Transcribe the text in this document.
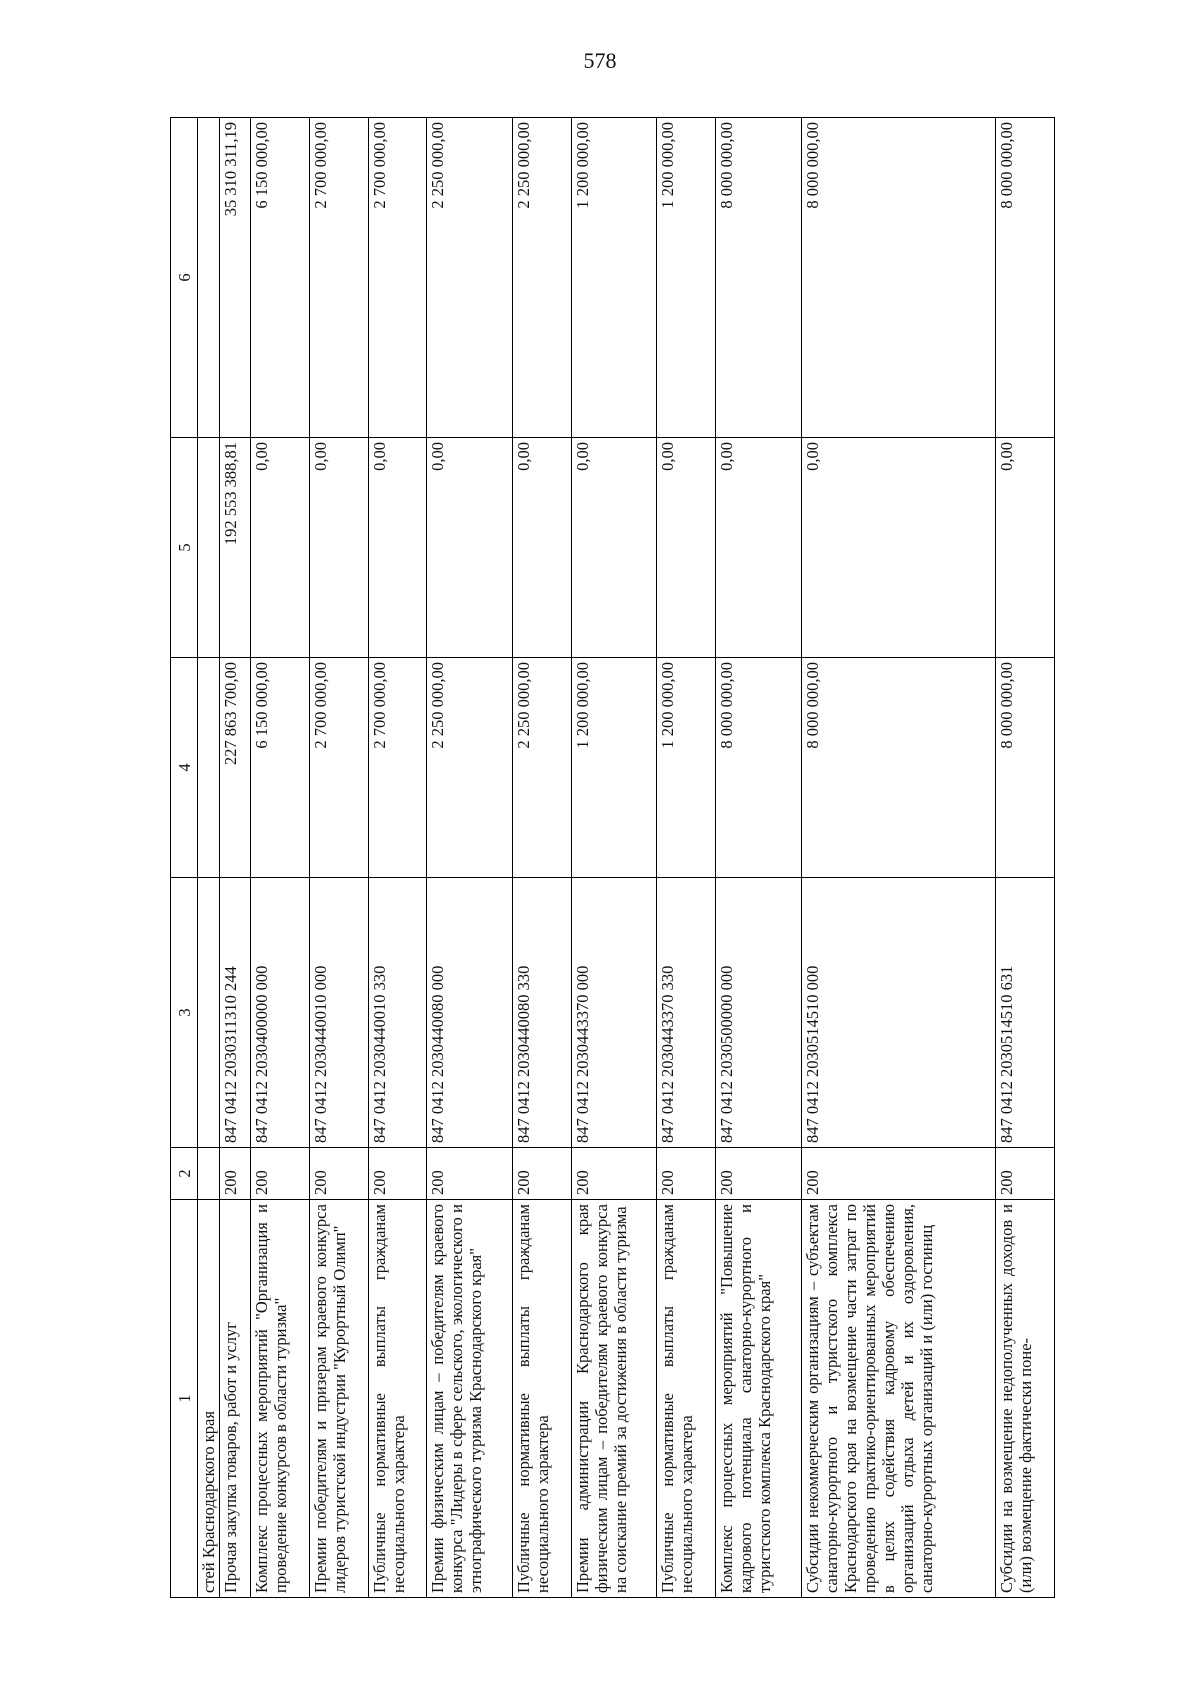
578
1	2	3	4	5	6
стей Краснодарского края					
Прочая закупка товаров, работ и услуг	200	847 0412 2030311310 244	227 863 700,00	192 553 388,81	35 310 311,19
Комплекс процессных мероприятий "Организация и проведение конкурсов в области туризма"	200	847 0412 2030400000 000	6 150 000,00	0,00	6 150 000,00
Премии победителям и призерам краевого конкурса лидеров туристской индустрии "Курортный Олимп"	200	847 0412 2030440010 000	2 700 000,00	0,00	2 700 000,00
Публичные нормативные выплаты гражданам несоциального характера	200	847 0412 2030440010 330	2 700 000,00	0,00	2 700 000,00
Премии физическим лицам – победителям краевого конкурса "Лидеры в сфере сельского, экологического и этнографического туризма Краснодарского края"	200	847 0412 2030440080 000	2 250 000,00	0,00	2 250 000,00
Публичные нормативные выплаты гражданам несоциального характера	200	847 0412 2030440080 330	2 250 000,00	0,00	2 250 000,00
Премии администрации Краснодарского края физическим лицам – победителям краевого конкурса на соискание премий за достижения в области туризма	200	847 0412 2030443370 000	1 200 000,00	0,00	1 200 000,00
Публичные нормативные выплаты гражданам несоциального характера	200	847 0412 2030443370 330	1 200 000,00	0,00	1 200 000,00
Комплекс процессных мероприятий "Повышение кадрового потенциала санаторно-курортного и туристского комплекса Краснодарского края"	200	847 0412 2030500000 000	8 000 000,00	0,00	8 000 000,00
Субсидии некоммерческим организациям – субъектам санаторно-курортного и туристского комплекса Краснодарского края на возмещение части затрат по проведению практико-ориентированных мероприятий в целях содействия кадровому обеспечению организаций отдыха детей и их оздоровления, санаторно-курортных организаций и (или) гостиниц	200	847 0412 2030514510 000	8 000 000,00	0,00	8 000 000,00
Субсидии на возмещение недополученных доходов и (или) возмещение фактически поне-	200	847 0412 2030514510 631	8 000 000,00	0,00	8 000 000,00
